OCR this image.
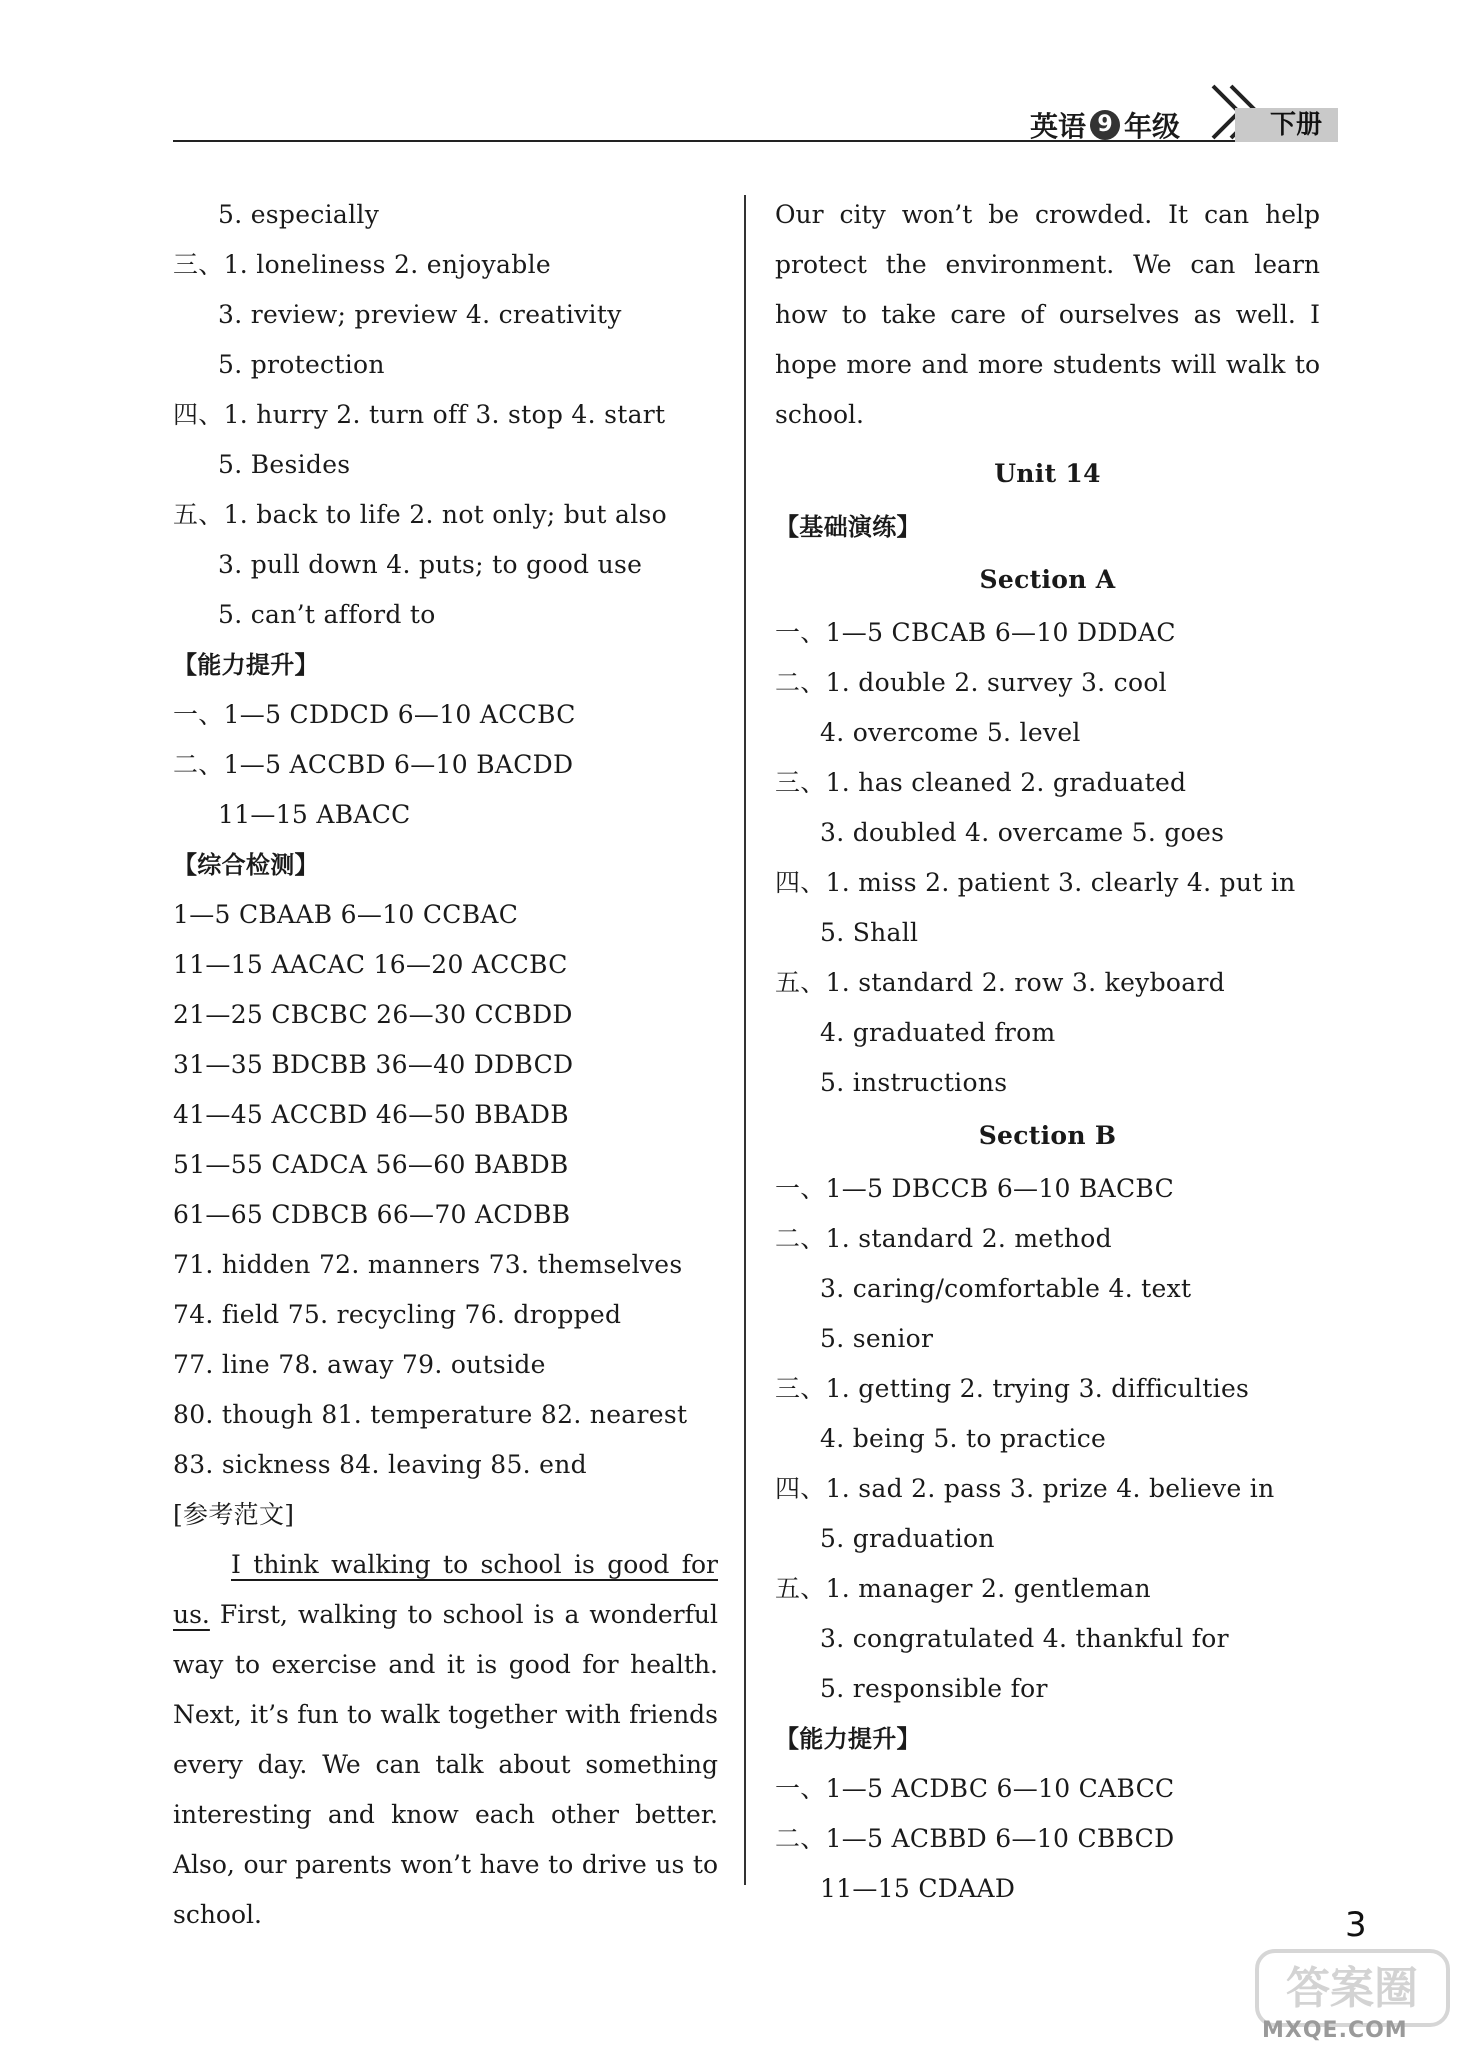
英语 9 年级	下册
5. especially
三、1. loneliness 2. enjoyable
3. review; preview 4. creativity
5. protection
四、1. hurry 2. turn off 3. stop 4. start
5. Besides
五、1. back to life 2. not only; but also
3. pull down 4. puts; to good use
5. can’t afford to
【能力提升】
一、1—5 CDDCD 6—10 ACCBC
二、1—5 ACCBD 6—10 BACDD
11—15 ABACC
【综合检测】
1—5 CBAAB 6—10 CCBAC
11—15 AACAC 16—20 ACCBC
21—25 CBCBC 26—30 CCBDD
31—35 BDCBB 36—40 DDBCD
41—45 ACCBD 46—50 BBADB
51—55 CADCA 56—60 BABDB
61—65 CDBCB 66—70 ACDBB
71. hidden 72. manners 73. themselves
74. field 75. recycling 76. dropped
77. line 78. away 79. outside
80. though 81. temperature 82. nearest
83. sickness 84. leaving 85. end
[参考范文]

I think walking to school is good for us. First, walking to school is a wonderful way to exercise and it is good for health. Next, it’s fun to walk together with friends every day. We can talk about something interesting and know each other better. Also, our parents won’t have to drive us to school.

Our city won’t be crowded. It can help protect the environment. We can learn how to take care of ourselves as well. I hope more and more students will walk to school.

Unit 14
【基础演练】
Section A
一、1—5 CBCAB 6—10 DDDAC
二、1. double 2. survey 3. cool
4. overcome 5. level
三、1. has cleaned 2. graduated
3. doubled 4. overcame 5. goes
四、1. miss 2. patient 3. clearly 4. put in
5. Shall
五、1. standard 2. row 3. keyboard
4. graduated from
5. instructions
Section B
一、1—5 DBCCB 6—10 BACBC
二、1. standard 2. method
3. caring/comfortable 4. text
5. senior
三、1. getting 2. trying 3. difficulties
4. being 5. to practice
四、1. sad 2. pass 3. prize 4. believe in
5. graduation
五、1. manager 2. gentleman
3. congratulated 4. thankful for
5. responsible for
【能力提升】
一、1—5 ACDBC 6—10 CABCC
二、1—5 ACBBD 6—10 CBBCD
11—15 CDAAD
3
答案圈
MXQE.COM
